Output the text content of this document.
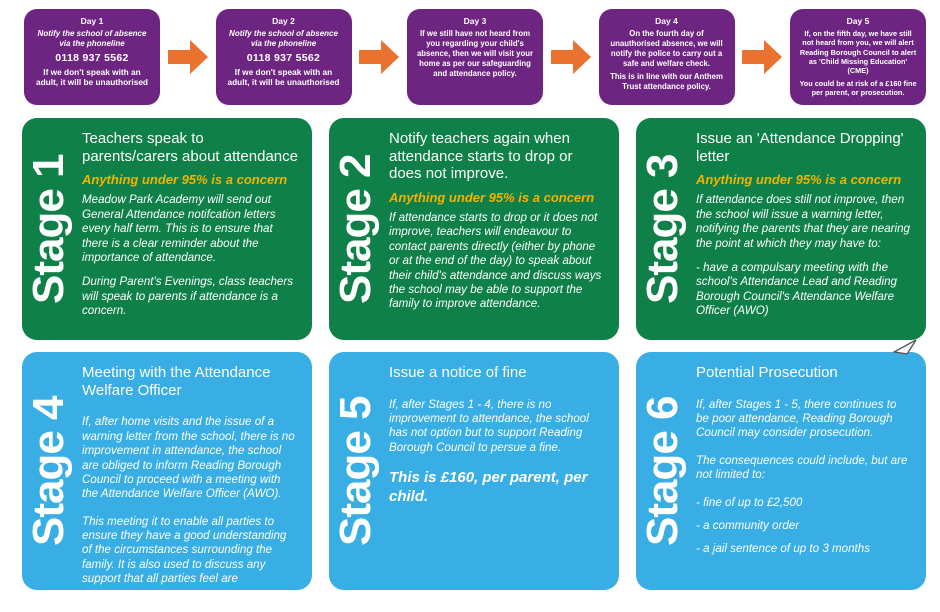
Day 1
Notify the school of absence via the phoneline
0118 937 5562
If we don't speak with an adult, it will be unauthorised
Day 2
Notify the school of absence via the phoneline
0118 937 5562
If we don't speak with an adult, it will be unauthorised
Day 3
If we still have not heard from you regarding your child's absence, then we will visit your home as per our safeguarding and attendance policy.
Day 4
On the fourth day of unauthorised absence, we will notify the police to carry out a safe and welfare check.
This is in line with our Anthem Trust attendance policy.
Day 5
If, on the fifth day, we have still not heard from you, we will alert Reading Borough Council to alert as 'Child Missing Education' (CME)
You could be at risk of a £160 fine per parent, or prosecution.
Stage 1
Teachers speak to parents/carers about attendance
Anything under 95% is a concern

Meadow Park Academy will send out General Attendance notifcation letters every half term. This is to ensure that there is a clear reminder about the importance of attendance.

During Parent's Evenings, class teachers will speak to parents if attendance is a concern.

Stage 2
Notify teachers again when attendance starts to drop or does not improve.
Anything under 95% is a concern

If attendance starts to drop or it does not improve, teachers will endeavour to contact parents directly (either by phone or at the end of the day) to speak about their child's attendance and discuss ways the school may be able to support the family to improve attendance.

Stage 3
Issue an 'Attendance Dropping' letter
Anything under 95% is a concern

If attendance does still not improve, then the school will issue a warning letter, notifying the parents that they are nearing the point at which they may have to:

- have a compulsary meeting with the school's Attendance Lead and Reading Borough Council's Attendance Welfare Officer (AWO)

Stage 4
Meeting with the Attendance Welfare Officer

If, after home visits and the issue of a warning letter from the school, there is no improvement in attendance, the school are obliged to inform Reading Borough Council to proceed with a meeting with the Attendance Welfare Officer (AWO).

This meeting it to enable all parties to ensure they have a good understanding of the circumstances surrounding the family. It is also used to discuss any support that all parties feel are neccessary.

Stage 5
Issue a notice of fine

If, after Stages 1 - 4, there is no improvement to attendance, the school has not option but to support Reading Borough Council to persue a fine.

This is £160, per parent, per child.	Stage 6
Potential Prosecution

If, after Stages 1 - 5, there continues to be poor attendance, Reading Borough Council may consider prosecution.

The consequences could include, but are not limited to:

- fine of up to £2,500

- a community order

- a jail sentence of up to 3 months
